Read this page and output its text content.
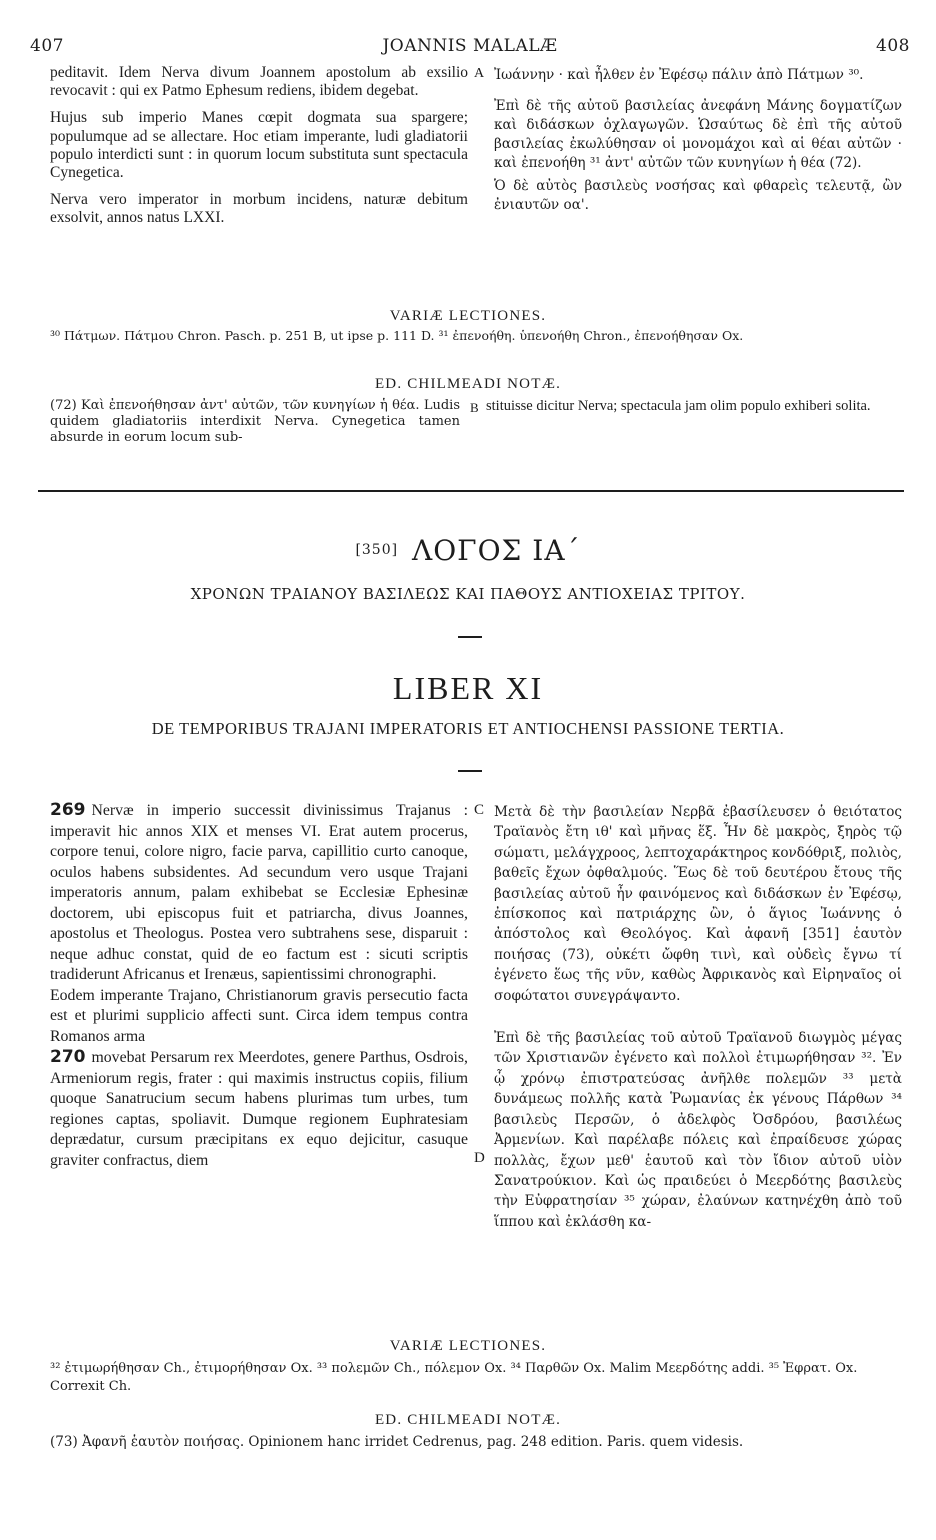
407	JOANNIS MALALÆ	408

peditavit. Idem Nerva divum Joannem apostolum ab exsilio revocavit : qui ex Patmo Ephesum rediens, ibidem degebat.

Hujus sub imperio Manes cœpit dogmata sua spargere; populumque ad se allectare. Hoc etiam imperante, ludi gladiatorii populo interdicti sunt : in quorum locum substituta sunt spectacula Cynegetica.

Nerva vero imperator in morbum incidens, naturæ debitum exsolvit, annos natus LXXI.

A Ἰωάννην · καὶ ἦλθεν ἐν Ἐφέσῳ πάλιν ἀπὸ Πάτμων ³⁰.

Ἐπὶ δὲ τῆς αὐτοῦ βασιλείας ἀνεφάνη Μάνης δογματίζων καὶ διδάσκων ὀχλαγωγῶν. Ὡσαύτως δὲ ἐπὶ τῆς αὐτοῦ βασιλείας ἐκωλύθησαν οἱ μονομάχοι καὶ αἱ θέαι αὐτῶν · καὶ ἐπενοήθη ³¹ ἀντ' αὐτῶν τῶν κυνηγίων ἡ θέα (72).

Ὁ δὲ αὐτὸς βασιλεὺς νοσήσας καὶ φθαρεὶς τελευτᾷ, ὢν ἐνιαυτῶν οα'.

VARIÆ LECTIONES.

³⁰ Πάτμων. Πάτμου Chron. Pasch. p. 251 B, ut ipse p. 111 D. ³¹ ἐπενοήθη. ὑπενοήθη Chron., ἐπενοήθησαν Ox.

ED. CHILMEADI NOTÆ.

(72) Καὶ ἐπενοήθησαν ἀντ' αὐτῶν, τῶν κυνηγίων ἡ θέα. Ludis quidem gladiatoriis interdixit Nerva. Cynegetica tamen absurde in eorum locum sub-

B stituisse dicitur Nerva; spectacula jam olim populo exhiberi solita.

[350] ΛΟΓΟΣ ΙΑ΄
ΧΡΟΝΩΝ ΤΡΑΙΑΝΟΥ ΒΑΣΙΛΕΩΣ ΚΑΙ ΠΑΘΟΥΣ ΑΝΤΙΟΧΕΙΑΣ ΤΡΙΤΟΥ.
LIBER XI
DE TEMPORIBUS TRAJANI IMPERATORIS ET ANTIOCHENSI PASSIONE TERTIA.

269 Nervæ in imperio successit divinissimus Trajanus : imperavit hic annos XIX et menses VI. Erat autem procerus, corpore tenui, colore nigro, facie parva, capillitio curto canoque, oculos habens subsidentes. Ad secundum vero usque Trajani imperatoris annum, palam exhibebat se Ecclesiæ Ephesinæ doctorem, ubi episcopus fuit et patriarcha, divus Joannes, apostolus et Theologus. Postea vero subtrahens sese, disparuit : neque adhuc constat, quid de eo factum est : sicuti scriptis tradiderunt Africanus et Irenæus, sapientissimi chronographi.

Eodem imperante Trajano, Christianorum gravis persecutio facta est et plurimi supplicio affecti sunt. Circa idem tempus contra Romanos arma

270 movebat Persarum rex Meerdotes, genere Parthus, Osdrois, Armeniorum regis, frater : qui maximis instructus copiis, filium quoque Sanatrucium secum habens plurimas tum urbes, tum regiones captas, spoliavit. Dumque regionem Euphratesiam deprædatur, cursum præcipitans ex equo dejicitur, casuque graviter confractus, diem

C
D

Μετὰ δὲ τὴν βασιλείαν Νερβᾶ ἐβασίλευσεν ὁ θειότατος Τραϊανὸς ἔτη ιθ' καὶ μῆνας ἕξ. Ἦν δὲ μακρὸς, ξηρὸς τῷ σώματι, μελάγχροος, λεπτοχαράκτηρος κονδόθριξ, πολιὸς, βαθεῖς ἔχων ὀφθαλμούς. Ἕως δὲ τοῦ δευτέρου ἔτους τῆς βασιλείας αὐτοῦ ἦν φαινόμενος καὶ διδάσκων ἐν Ἐφέσῳ, ἐπίσκοπος καὶ πατριάρχης ὢν, ὁ ἅγιος Ἰωάννης ὁ ἀπόστολος καὶ Θεολόγος. Καὶ ἀφανῆ [351] ἑαυτὸν ποιήσας (73), οὐκέτι ὤφθη τινὶ, καὶ οὐδεὶς ἔγνω τί ἐγένετο ἕως τῆς νῦν, καθὼς Ἀφρικανὸς καὶ Εἰρηναῖος οἱ σοφώτατοι συνεγράψαντο.

Ἐπὶ δὲ τῆς βασιλείας τοῦ αὐτοῦ Τραϊανοῦ διωγμὸς μέγας τῶν Χριστιανῶν ἐγένετο καὶ πολλοὶ ἐτιμωρήθησαν ³². Ἐν ᾧ χρόνῳ ἐπιστρατεύσας ἀνῆλθε πολεμῶν ³³ μετὰ δυνάμεως πολλῆς κατὰ Ῥωμανίας ἐκ γένους Πάρθων ³⁴ βασιλεὺς Περσῶν, ὁ ἀδελφὸς Ὀσδρόου, βασιλέως Ἀρμενίων. Καὶ παρέλαβε πόλεις καὶ ἐπραίδευσε χώρας πολλὰς, ἔχων μεθ' ἑαυτοῦ καὶ τὸν ἴδιον αὐτοῦ υἱὸν Σανατρούκιον. Καὶ ὡς πραιδεύει ὁ Μεερδότης βασιλεὺς τὴν Εὐφρατησίαν ³⁵ χώραν, ἐλαύνων κατηνέχθη ἀπὸ τοῦ ἵππου καὶ ἐκλάσθη κα-

VARIÆ LECTIONES.

³² ἐτιμωρήθησαν Ch., ἐτιμορήθησαν Ox. ³³ πολεμῶν Ch., πόλεμον Ox. ³⁴ Παρθῶν Ox. Malim Μεερδότης addi. ³⁵ Ἐφρατ. Ox. Correxit Ch.

ED. CHILMEADI NOTÆ.

(73) Ἀφανῆ ἑαυτὸν ποιήσας. Opinionem hanc irridet Cedrenus, pag. 248 edition. Paris. quem videsis.
